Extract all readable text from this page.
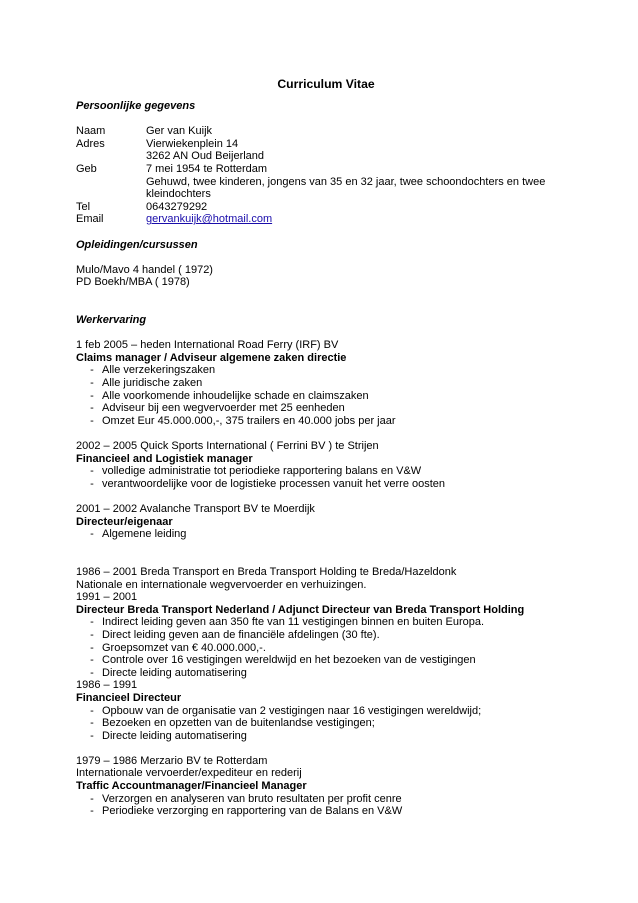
Curriculum Vitae
Persoonlijke gegevens
Naam	Ger van Kuijk
Adres	Vierwiekenplein 14
3262 AN Oud Beijerland
Geb	7 mei 1954 te Rotterdam
Gehuwd, twee kinderen, jongens van 35 en 32 jaar, twee schoondochters en twee kleindochters
Tel	0643279292
Email	gervankuijk@hotmail.com
Opleidingen/cursussen
Mulo/Mavo 4 handel ( 1972)
PD Boekh/MBA ( 1978)
Werkervaring
1 feb 2005 – heden International Road Ferry (IRF) BV
Claims manager / Adviseur algemene zaken directie
- Alle verzekeringszaken
- Alle juridische zaken
- Alle voorkomende inhoudelijke schade en claimszaken
- Adviseur bij een wegvervoerder met 25 eenheden
- Omzet Eur 45.000.000,-, 375 trailers en 40.000 jobs per jaar
2002 – 2005 Quick Sports International ( Ferrini BV ) te Strijen
Financieel and Logistiek manager
- volledige administratie tot periodieke rapportering balans en V&W
- verantwoordelijke voor de logistieke processen vanuit het verre oosten
2001 – 2002 Avalanche Transport BV te Moerdijk
Directeur/eigenaar
- Algemene leiding
1986 – 2001 Breda Transport en Breda Transport Holding te Breda/Hazeldonk
Nationale en internationale wegvervoerder en verhuizingen.
1991 – 2001
Directeur Breda Transport Nederland / Adjunct Directeur van Breda Transport Holding
- Indirect leiding geven aan 350 fte van 11 vestigingen binnen en buiten Europa.
- Direct leiding geven aan de financiële afdelingen (30 fte).
- Groepsomzet van € 40.000.000,-.
- Controle over 16 vestigingen wereldwijd en het bezoeken van de vestigingen
- Directe leiding automatisering
1986 – 1991
Financieel Directeur
- Opbouw van de organisatie van 2 vestigingen naar 16 vestigingen wereldwijd;
- Bezoeken en opzetten van de buitenlandse vestigingen;
- Directe leiding automatisering
1979 – 1986 Merzario BV te Rotterdam
Internationale vervoerder/expediteur en rederij
Traffic Accountmanager/Financieel Manager
- Verzorgen en analyseren van bruto resultaten per profit cenre
- Periodieke verzorging en rapportering van de Balans en V&W
